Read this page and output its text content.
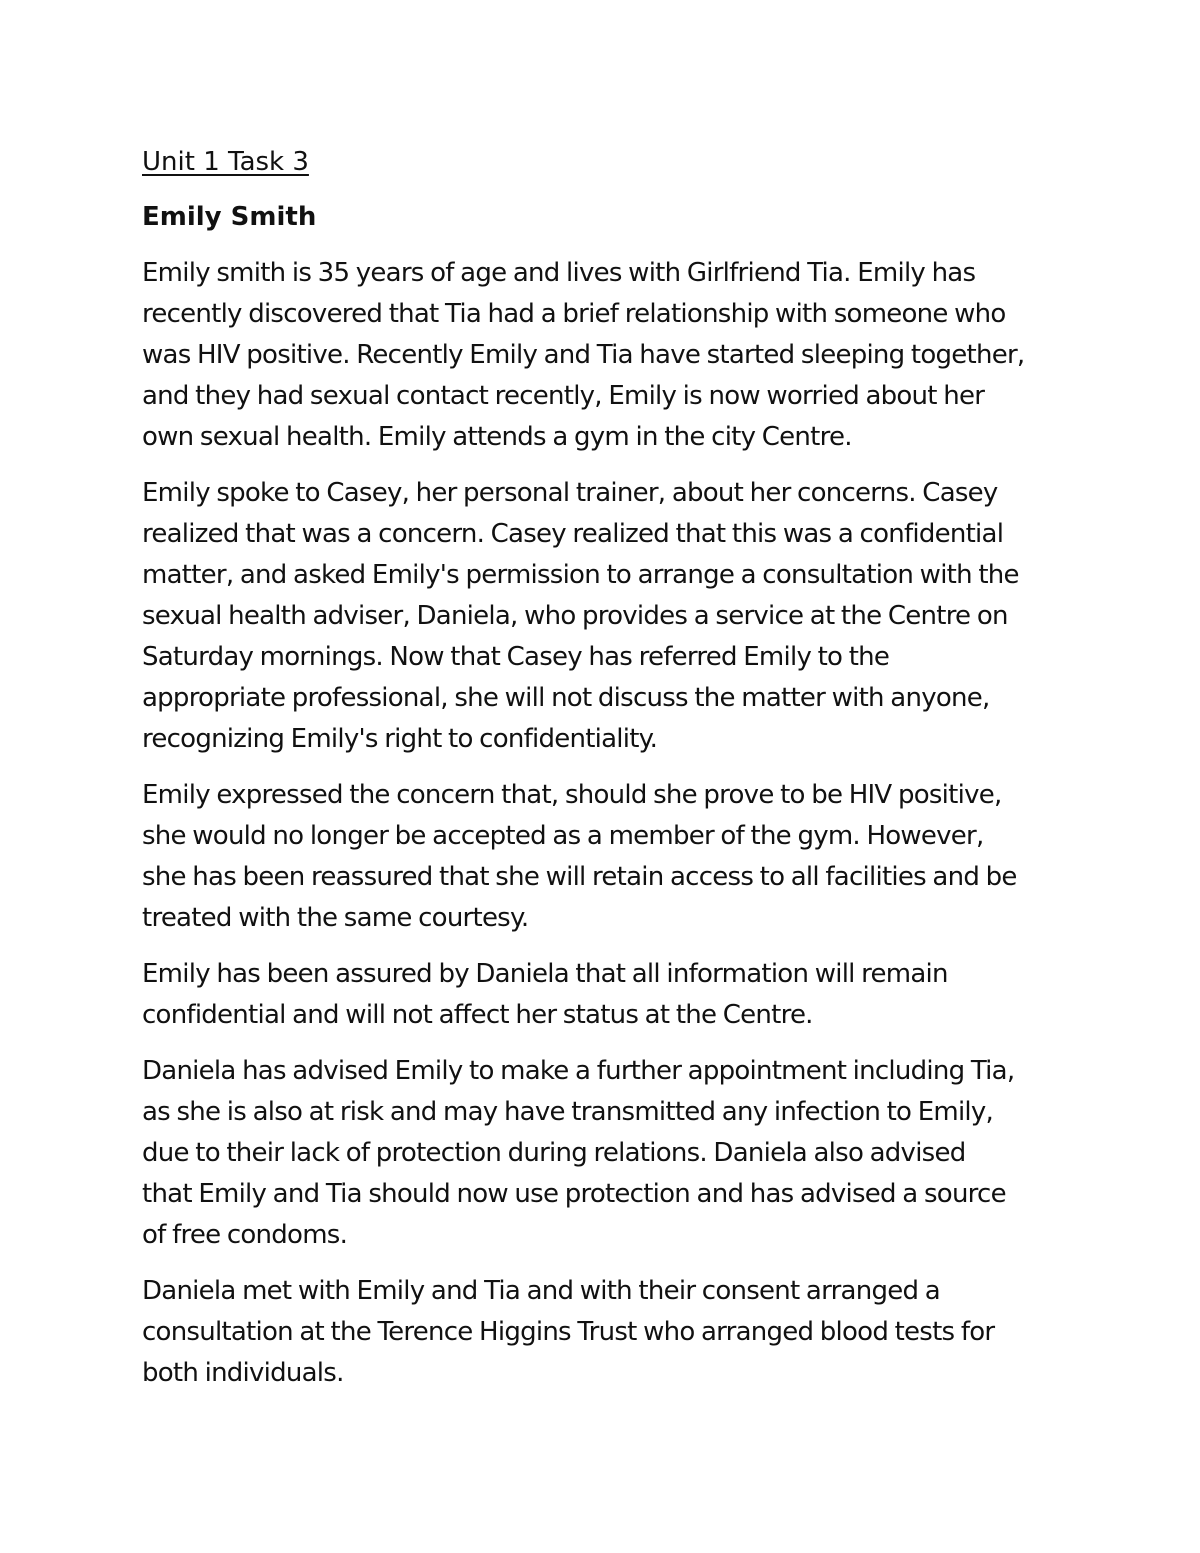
Unit 1 Task 3
Emily Smith

Emily smith is 35 years of age and lives with Girlfriend Tia. Emily has
recently discovered that Tia had a brief relationship with someone who
was HIV positive. Recently Emily and Tia have started sleeping together,
and they had sexual contact recently, Emily is now worried about her
own sexual health. Emily attends a gym in the city Centre.

Emily spoke to Casey, her personal trainer, about her concerns. Casey
realized that was a concern. Casey realized that this was a confidential
matter, and asked Emily's permission to arrange a consultation with the
sexual health adviser, Daniela, who provides a service at the Centre on
Saturday mornings. Now that Casey has referred Emily to the
appropriate professional, she will not discuss the matter with anyone,
recognizing Emily's right to confidentiality.

Emily expressed the concern that, should she prove to be HIV positive,
she would no longer be accepted as a member of the gym. However,
she has been reassured that she will retain access to all facilities and be
treated with the same courtesy.

Emily has been assured by Daniela that all information will remain
confidential and will not affect her status at the Centre.

Daniela has advised Emily to make a further appointment including Tia,
as she is also at risk and may have transmitted any infection to Emily,
due to their lack of protection during relations. Daniela also advised
that Emily and Tia should now use protection and has advised a source
of free condoms.

Daniela met with Emily and Tia and with their consent arranged a
consultation at the Terence Higgins Trust who arranged blood tests for
both individuals.
